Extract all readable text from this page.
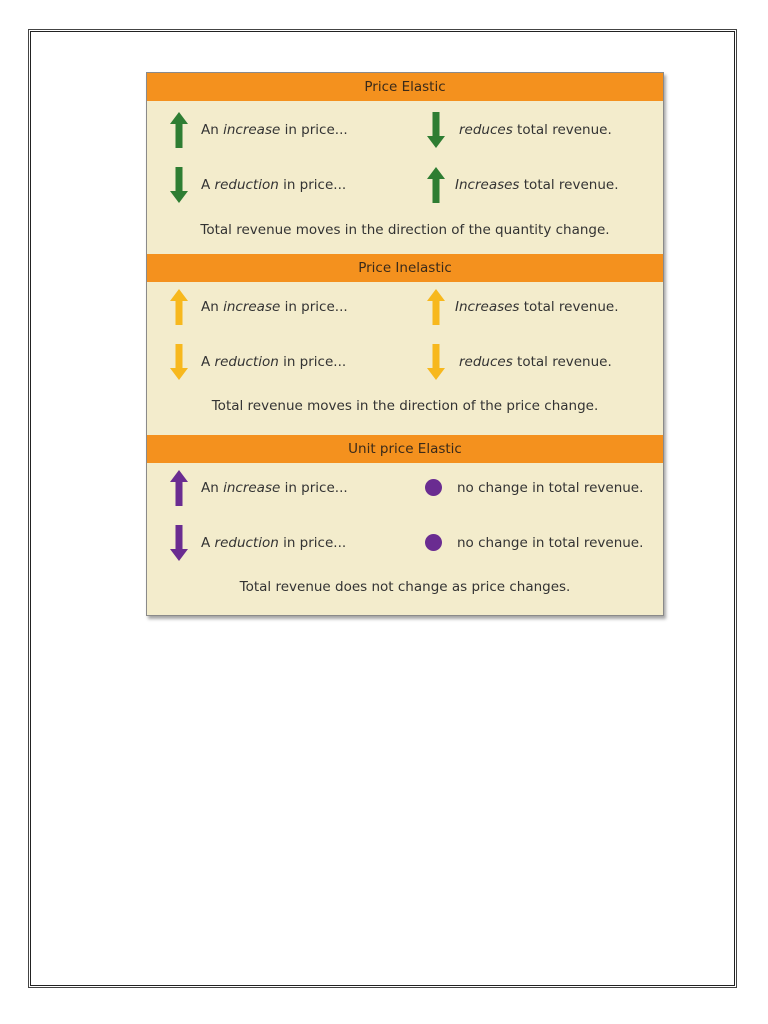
Price Elastic
An increase in price...	reduces total revenue.
A reduction in price...	Increases total revenue.
Total revenue moves in the direction of the quantity change.
Price Inelastic
An increase in price...	Increases total revenue.
A reduction in price...	reduces total revenue.
Total revenue moves in the direction of the price change.
Unit price Elastic
An increase in price...	no change in total revenue.
A reduction in price...	no change in total revenue.
Total revenue does not change as price changes.
